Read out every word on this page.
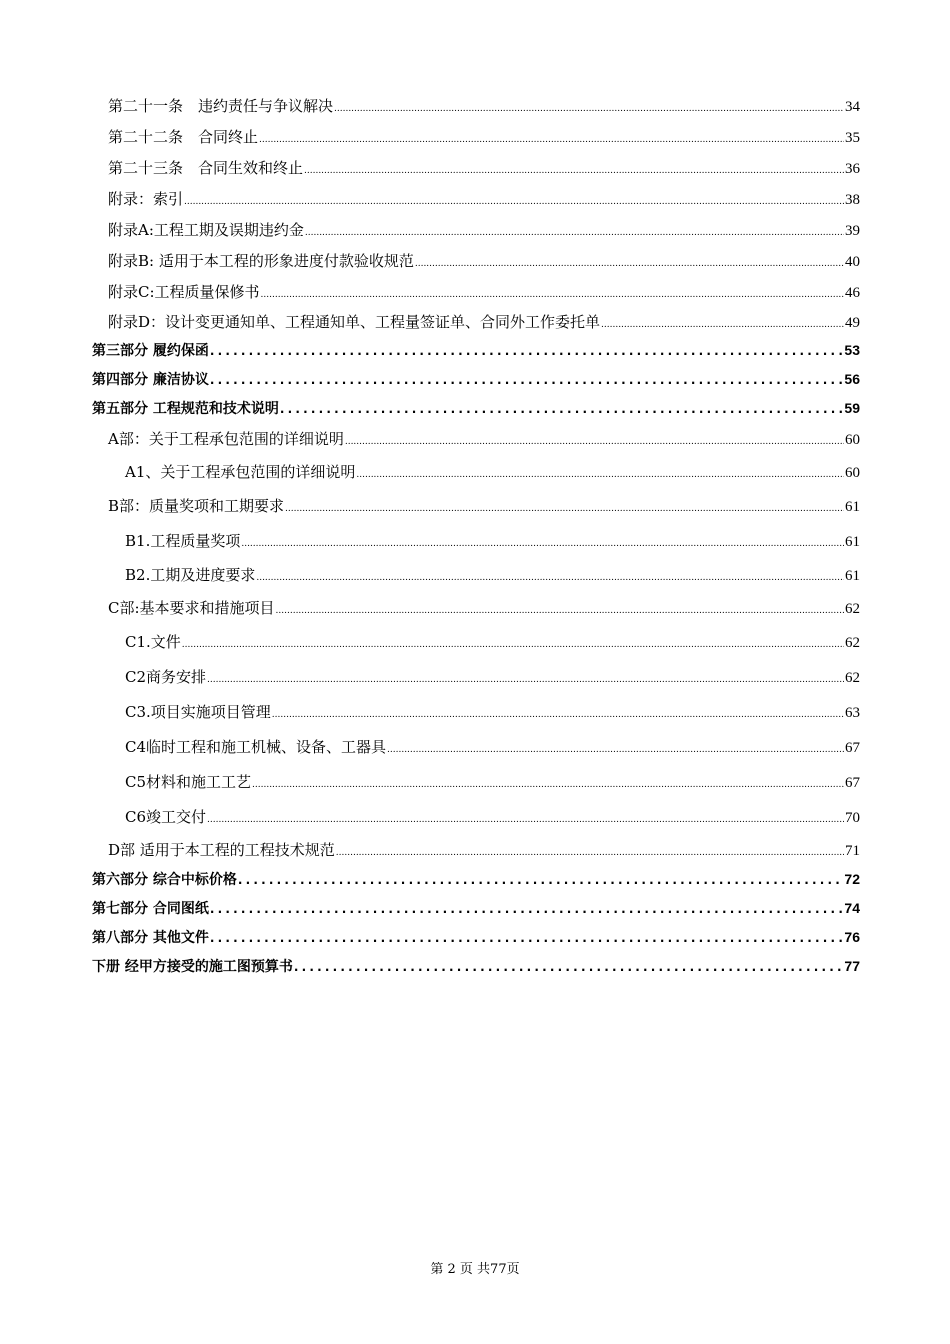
第二十一条　违约责任与争议解决 .....	34
第二十二条　合同终止 .....	35
第二十三条　合同生效和终止 .....	36
附录：索引 .....	38
附录A:工程工期及误期违约金 .....	39
附录B: 适用于本工程的形象进度付款验收规范 .....	40
附录C:工程质量保修书 .....	46
附录D：设计变更通知单、工程通知单、工程量签证单、合同外工作委托单 .....	49
第三部分 履约保函 .....	53
第四部分 廉洁协议 .....	56
第五部分 工程规范和技术说明 .....	59
A部：关于工程承包范围的详细说明 .....	60
A1、关于工程承包范围的详细说明 .....	60
B部：质量奖项和工期要求 .....	61
B1.工程质量奖项 .....	61
B2.工期及进度要求 .....	61
C部:基本要求和措施项目 .....	62
C1.文件 .....	62
C2商务安排 .....	62
C3.项目实施项目管理 .....	63
C4临时工程和施工机械、设备、工器具 .....	67
C5材料和施工工艺 .....	67
C6竣工交付 .....	70
D部 适用于本工程的工程技术规范 .....	71
第六部分 综合中标价格 .....	72
第七部分 合同图纸 .....	74
第八部分 其他文件 .....	76
下册 经甲方接受的施工图预算书 .....	77
第 2 页 共77页
